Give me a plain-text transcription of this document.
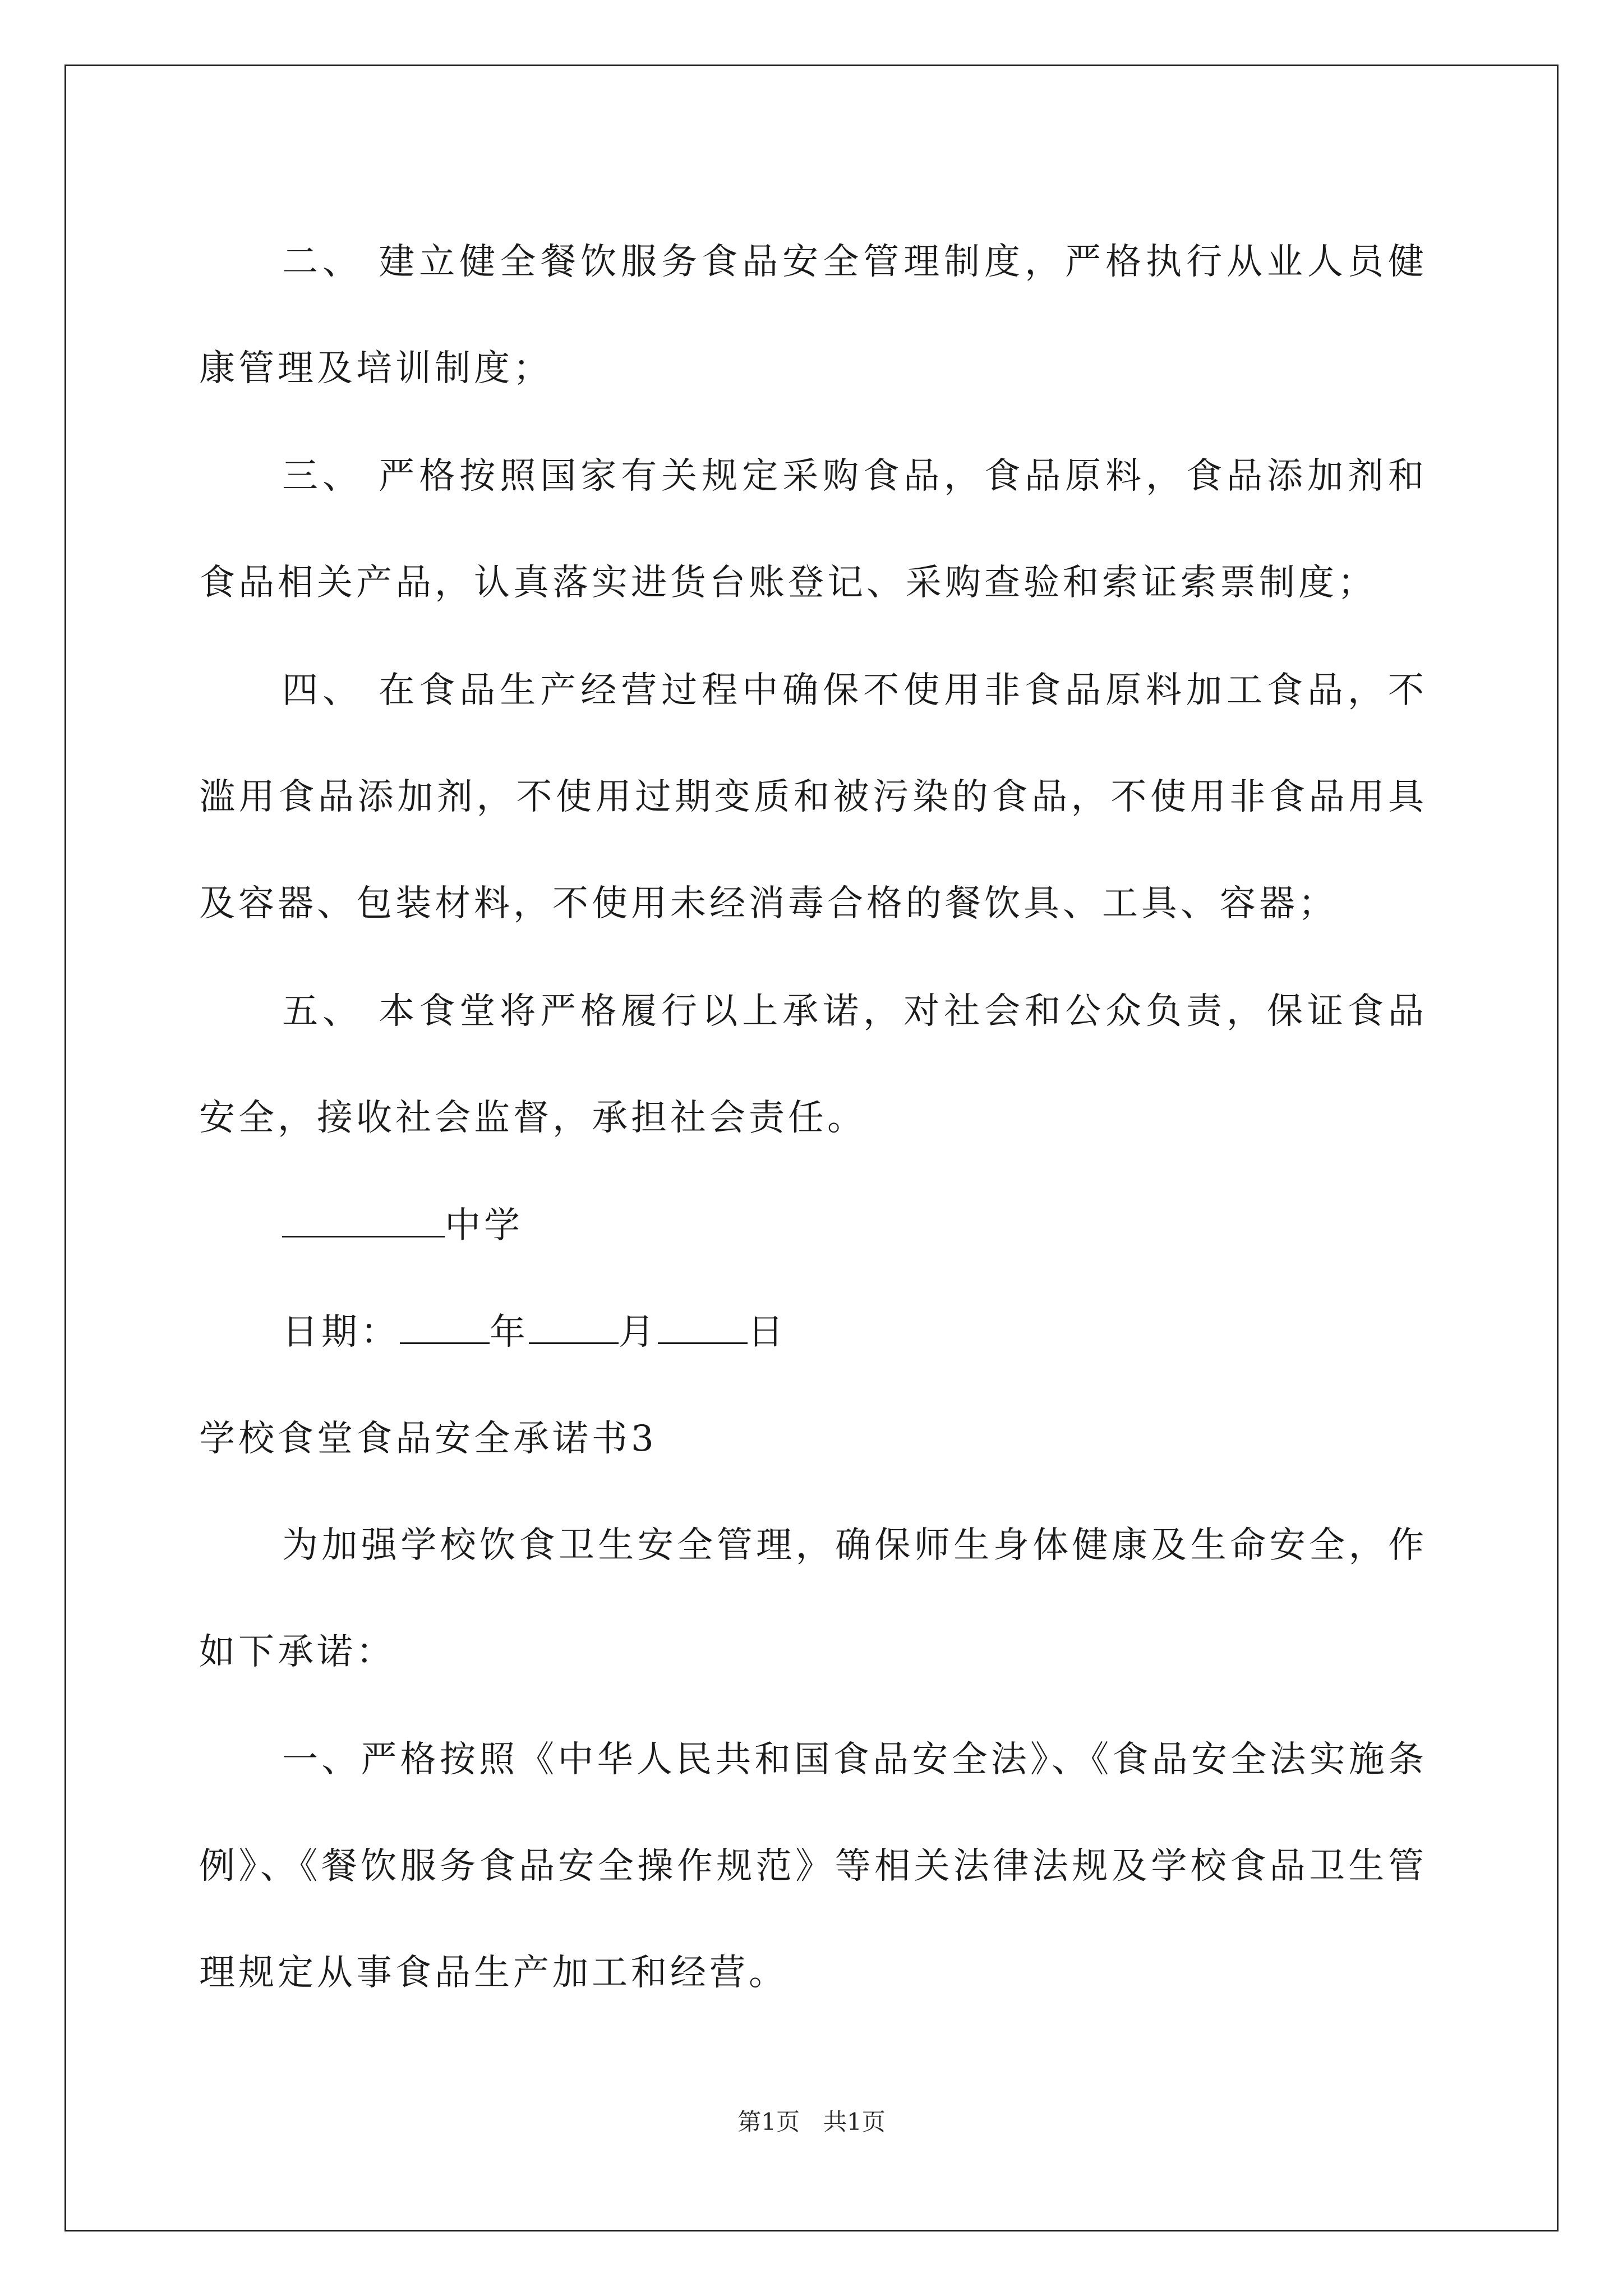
二、 建立健全餐饮服务食品安全管理制度，严格执行从业人员健康管理及培训制度；

三、 严格按照国家有关规定采购食品，食品原料，食品添加剂和食品相关产品，认真落实进货台账登记、采购查验和索证索票制度；

四、 在食品生产经营过程中确保不使用非食品原料加工食品，不滥用食品添加剂，不使用过期变质和被污染的食品，不使用非食品用具及容器、包装材料，不使用未经消毒合格的餐饮具、工具、容器；

五、 本食堂将严格履行以上承诺，对社会和公众负责，保证食品安全，接收社会监督，承担社会责任。

中学

日期：	年	月	日

学校食堂食品安全承诺书3

为加强学校饮食卫生安全管理，确保师生身体健康及生命安全，作如下承诺：

一、严格按照《中华人民共和国食品安全法》、《食品安全法实施条例》、《餐饮服务食品安全操作规范》等相关法律法规及学校食品卫生管理规定从事食品生产加工和经营。

第1页　共1页
